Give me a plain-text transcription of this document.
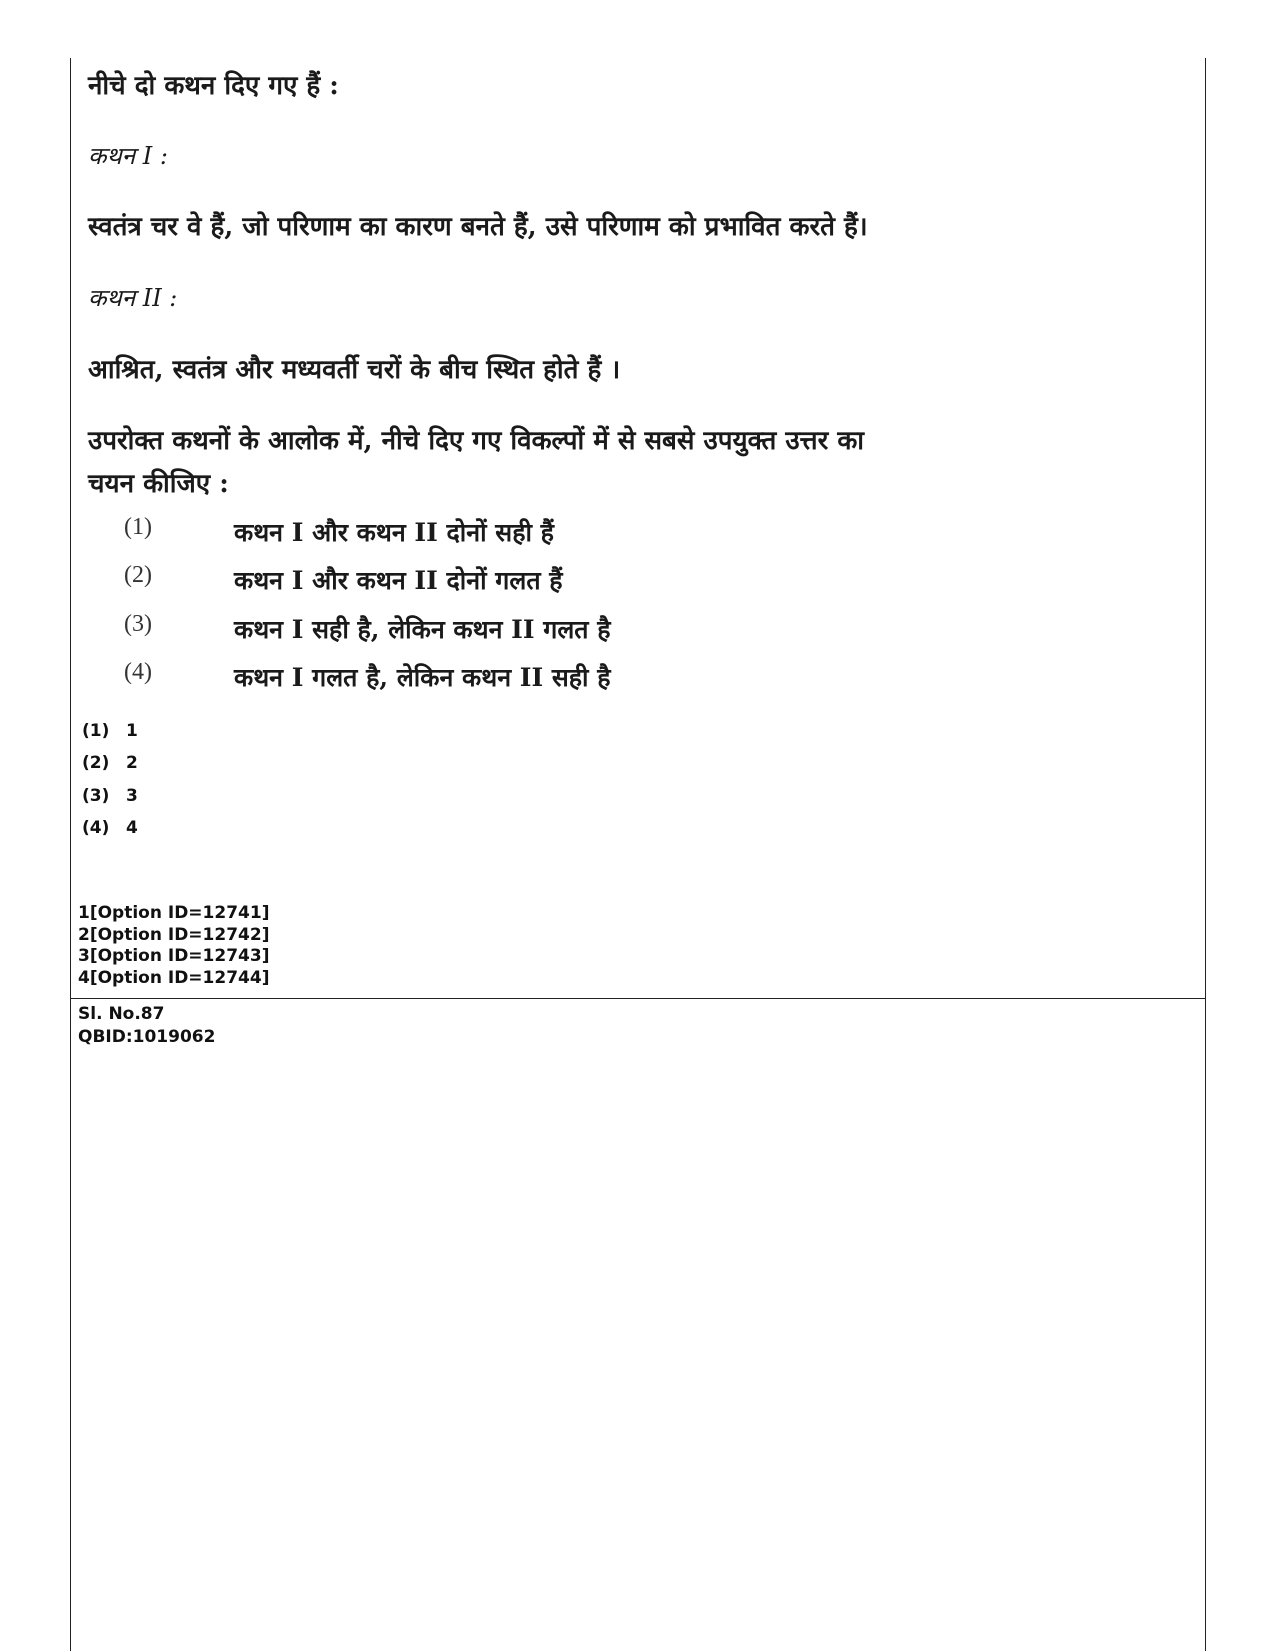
नीचे दो कथन दिए गए हैं :
कथन I :
स्वतंत्र चर वे हैं, जो परिणाम का कारण बनते हैं, उसे परिणाम को प्रभावित करते हैं।
कथन II :
आश्रित, स्वतंत्र और मध्यवर्ती चरों के बीच स्थित होते हैं ।
उपरोक्त कथनों के आलोक में, नीचे दिए गए विकल्पों में से सबसे उपयुक्त उत्तर का
चयन कीजिए :
(1)	कथन I और कथन II दोनों सही हैं
(2)	कथन I और कथन II दोनों गलत हैं
(3)	कथन I सही है, लेकिन कथन II गलत है
(4)	कथन I गलत है, लेकिन कथन II सही है
(1) 1
(2) 2
(3) 3
(4) 4
1[Option ID=12741]
2[Option ID=12742]
3[Option ID=12743]
4[Option ID=12744]
Sl. No.87
QBID:1019062
